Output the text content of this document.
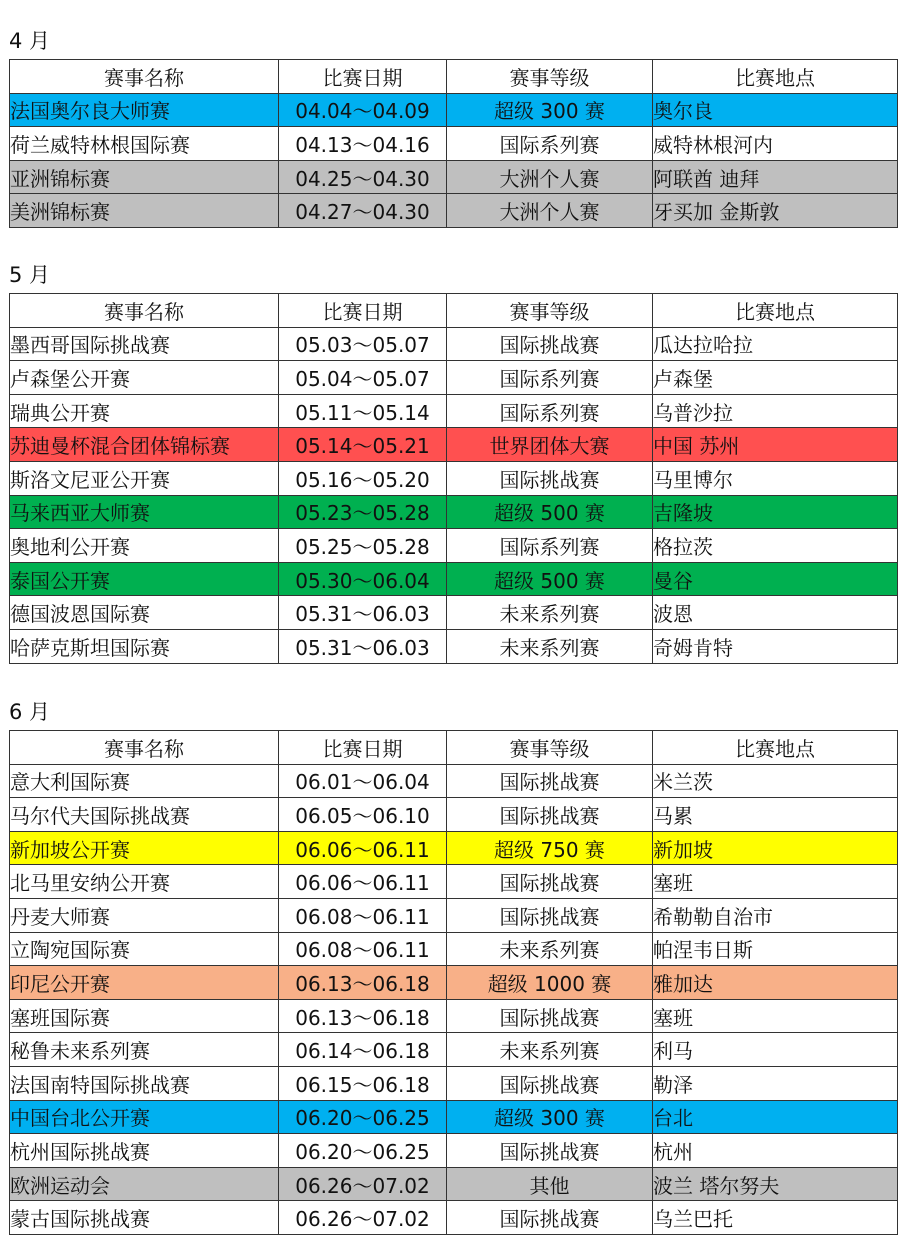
4 月
赛事名称	比赛日期	赛事等级	比赛地点
法国奥尔良大师赛	04.04～04.09	超级 300 赛	奥尔良
荷兰威特林根国际赛	04.13～04.16	国际系列赛	威特林根河内
亚洲锦标赛	04.25～04.30	大洲个人赛	阿联酋 迪拜
美洲锦标赛	04.27～04.30	大洲个人赛	牙买加 金斯敦
5 月
赛事名称	比赛日期	赛事等级	比赛地点
墨西哥国际挑战赛	05.03～05.07	国际挑战赛	瓜达拉哈拉
卢森堡公开赛	05.04～05.07	国际系列赛	卢森堡
瑞典公开赛	05.11～05.14	国际系列赛	乌普沙拉
苏迪曼杯混合团体锦标赛	05.14～05.21	世界团体大赛	中国 苏州
斯洛文尼亚公开赛	05.16～05.20	国际挑战赛	马里博尔
马来西亚大师赛	05.23～05.28	超级 500 赛	吉隆坡
奥地利公开赛	05.25～05.28	国际系列赛	格拉茨
泰国公开赛	05.30～06.04	超级 500 赛	曼谷
德国波恩国际赛	05.31～06.03	未来系列赛	波恩
哈萨克斯坦国际赛	05.31～06.03	未来系列赛	奇姆肯特
6 月
赛事名称	比赛日期	赛事等级	比赛地点
意大利国际赛	06.01～06.04	国际挑战赛	米兰茨
马尔代夫国际挑战赛	06.05～06.10	国际挑战赛	马累
新加坡公开赛	06.06～06.11	超级 750 赛	新加坡
北马里安纳公开赛	06.06～06.11	国际挑战赛	塞班
丹麦大师赛	06.08～06.11	国际挑战赛	希勒勒自治市
立陶宛国际赛	06.08～06.11	未来系列赛	帕涅韦日斯
印尼公开赛	06.13～06.18	超级 1000 赛	雅加达
塞班国际赛	06.13～06.18	国际挑战赛	塞班
秘鲁未来系列赛	06.14～06.18	未来系列赛	利马
法国南特国际挑战赛	06.15～06.18	国际挑战赛	勒泽
中国台北公开赛	06.20～06.25	超级 300 赛	台北
杭州国际挑战赛	06.20～06.25	国际挑战赛	杭州
欧洲运动会	06.26～07.02	其他	波兰 塔尔努夫
蒙古国际挑战赛	06.26～07.02	国际挑战赛	乌兰巴托
